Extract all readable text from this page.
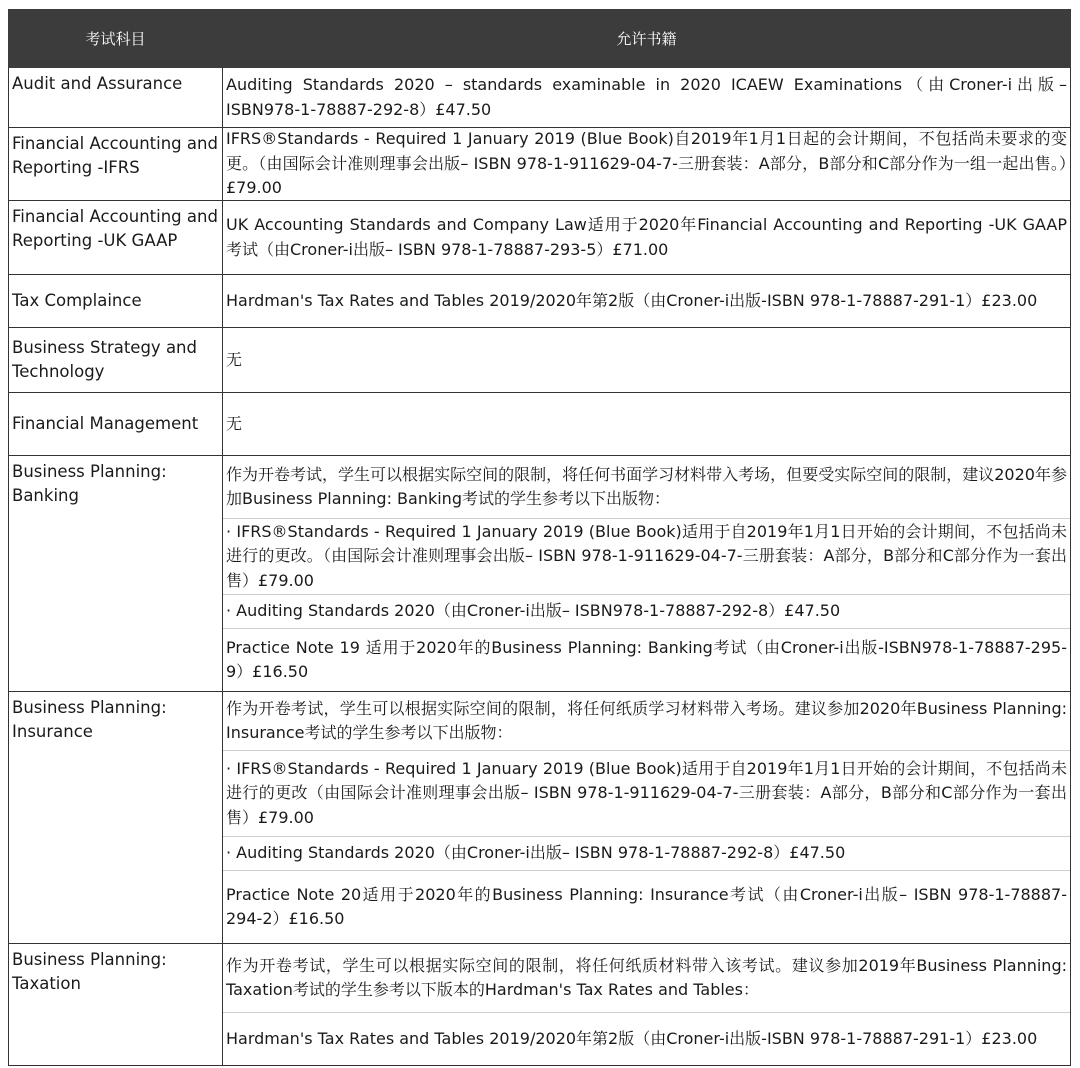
考试科目	允许书籍

Audit and Assurance	Auditing Standards 2020 – standards examinable in 2020 ICAEW Examinations（由Croner-i出版– ISBN978-1-78887-292-8）£47.50

Financial Accounting and Reporting -IFRS	IFRS®Standards - Required 1 January 2019 (Blue Book)自2019年1月1日起的会计期间，不包括尚未要求的变更。（由国际会计准则理事会出版– ISBN 978-1-911629-04-7-三册套装：A部分，B部分和C部分作为一组一起出售。）£79.00

Financial Accounting and Reporting -UK GAAP	UK Accounting Standards and Company Law适用于2020年Financial Accounting and Reporting -UK GAAP考试（由Croner-i出版– ISBN 978-1-78887-293-5）£71.00

Tax Complaince	Hardman's Tax Rates and Tables 2019/2020年第2版（由Croner-i出版-ISBN 978-1-78887-291-1）£23.00

Business Strategy and Technology	无

Financial Management	无

Business Planning: Banking	作为开卷考试，学生可以根据实际空间的限制，将任何书面学习材料带入考场，但要受实际空间的限制，建议2020年参加Business Planning: Banking考试的学生参考以下出版物：
· IFRS®Standards - Required 1 January 2019 (Blue Book)适用于自2019年1月1日开始的会计期间，不包括尚未进行的更改。（由国际会计准则理事会出版– ISBN 978-1-911629-04-7-三册套装：A部分，B部分和C部分作为一套出售）£79.00
· Auditing Standards 2020（由Croner-i出版– ISBN978-1-78887-292-8）£47.50
Practice Note 19 适用于2020年的Business Planning: Banking考试（由Croner-i出版-ISBN978-1-78887-295-9）£16.50

Business Planning: Insurance	作为开卷考试，学生可以根据实际空间的限制，将任何纸质学习材料带入考场。建议参加2020年Business Planning: Insurance考试的学生参考以下出版物：
· IFRS®Standards - Required 1 January 2019 (Blue Book)适用于自2019年1月1日开始的会计期间，不包括尚未进行的更改（由国际会计准则理事会出版– ISBN 978-1-911629-04-7-三册套装：A部分，B部分和C部分作为一套出售）£79.00
· Auditing Standards 2020（由Croner-i出版– ISBN 978-1-78887-292-8）£47.50
Practice Note 20适用于2020年的Business Planning: Insurance考试（由Croner-i出版– ISBN 978-1-78887-294-2）£16.50

Business Planning: Taxation	作为开卷考试，学生可以根据实际空间的限制，将任何纸质材料带入该考试。建议参加2019年Business Planning: Taxation考试的学生参考以下版本的Hardman's Tax Rates and Tables：
Hardman's Tax Rates and Tables 2019/2020年第2版（由Croner-i出版-ISBN 978-1-78887-291-1）£23.00
